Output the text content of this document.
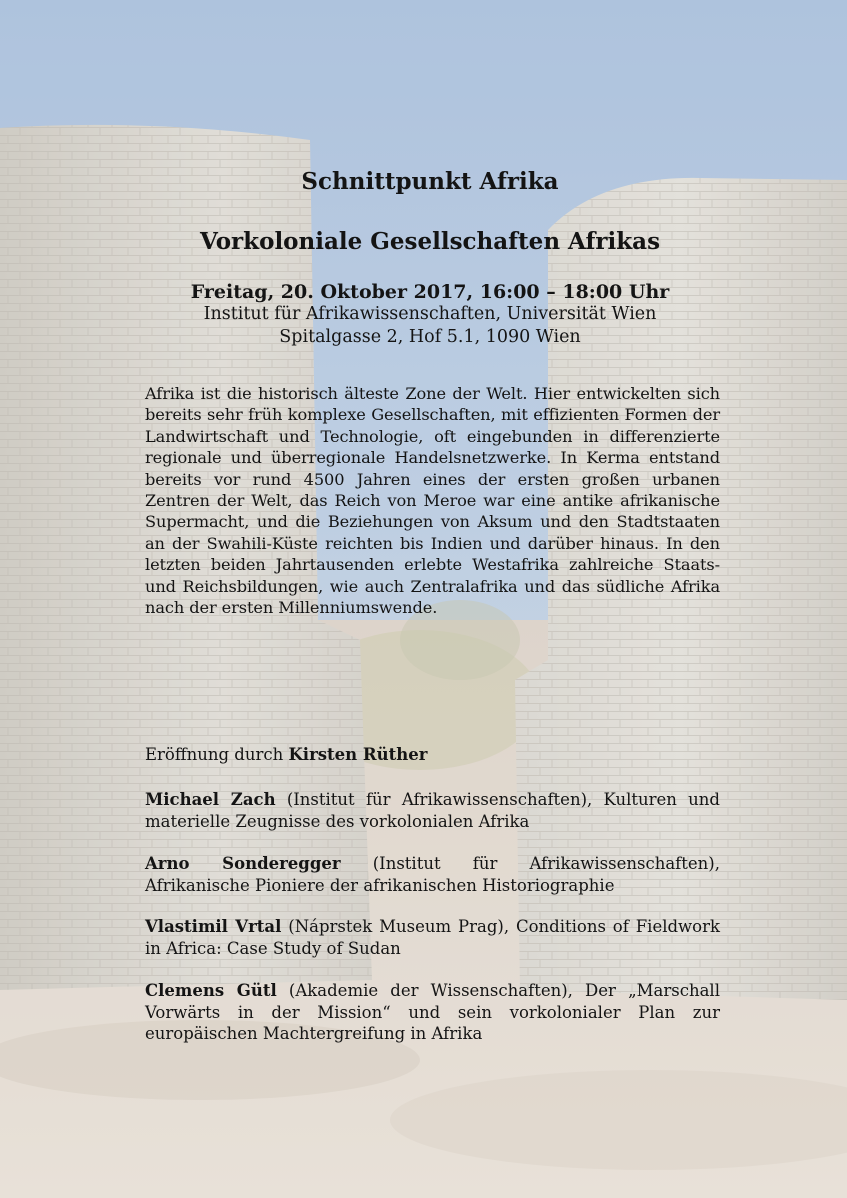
Schnittpunkt Afrika
Vorkoloniale Gesellschaften Afrikas
Freitag, 20. Oktober 2017, 16:00 – 18:00 Uhr
Institut für Afrikawissenschaften, Universität Wien
Spitalgasse 2, Hof 5.1, 1090 Wien
Afrika ist die historisch älteste Zone der Welt. Hier entwickelten sich bereits sehr früh komplexe Gesellschaften, mit effizienten Formen der Landwirtschaft und Technologie, oft eingebunden in differenzierte regionale und überregionale Handelsnetzwerke. In Kerma entstand bereits vor rund 4500 Jahren eines der ersten großen urbanen Zentren der Welt, das Reich von Meroe war eine antike afrikanische Supermacht, und die Beziehungen von Aksum und den Stadtstaaten an der Swahili-Küste reichten bis Indien und darüber hinaus. In den letzten beiden Jahrtausenden erlebte Westafrika zahlreiche Staats- und Reichsbildungen, wie auch Zentralafrika und das südliche Afrika nach der ersten Millenniumswende.
Eröffnung durch Kirsten Rüther
Michael Zach (Institut für Afrikawissenschaften), Kulturen und materielle Zeugnisse des vorkolonialen Afrika
Arno Sonderegger (Institut für Afrikawissenschaften), Afrikanische Pioniere der afrikanischen Historiographie
Vlastimil Vrtal (Náprstek Museum Prag), Conditions of Fieldwork in Africa: Case Study of Sudan
Clemens Gütl (Akademie der Wissenschaften), Der „Marschall Vorwärts in der Mission“ und sein vorkolonialer Plan zur europäischen Machtergreifung in Afrika
